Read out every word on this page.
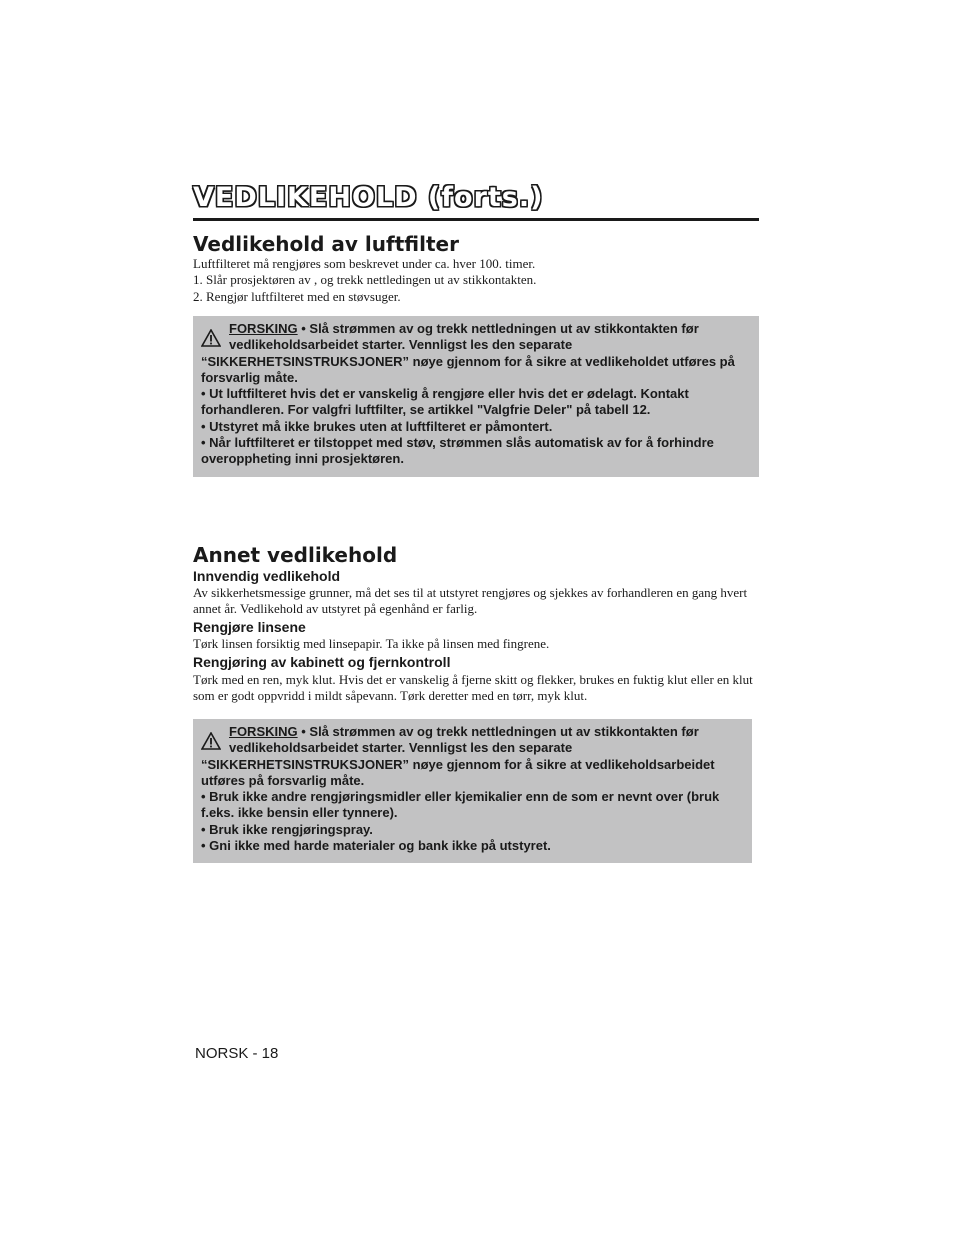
VEDLIKEHOLD (forts.)
Vedlikehold av luftfilter

Luftfilteret må rengjøres som beskrevet under ca. hver 100. timer.

1. Slår prosjektøren av , og trekk nettledingen ut av stikkontakten.

2. Rengjør luftfilteret med en støvsuger.

FORSKING • Slå strømmen av og trekk nettledningen ut av stikkontakten før vedlikeholdsarbeidet starter. Vennligst les den separate

“SIKKERHETSINSTRUKSJONER” nøye gjennom for å sikre at vedlikeholdet utføres på forsvarlig måte.

• Ut luftfilteret hvis det er vanskelig å rengjøre eller hvis det er ødelagt. Kontakt forhandleren. For valgfri luftfilter, se artikkel "Valgfrie Deler" på tabell 12.

• Utstyret må ikke brukes uten at luftfilteret er påmontert.

• Når luftfilteret er tilstoppet med støv, strømmen slås automatisk av for å forhindre overoppheting inni prosjektøren.

Annet vedlikehold
Innvendig vedlikehold
Av sikkerhetsmessige grunner, må det ses til at utstyret rengjøres og sjekkes av forhandleren en gang hvert annet år. Vedlikehold av utstyret på egenhånd er farlig.
Rengjøre linsene
Tørk linsen forsiktig med linsepapir. Ta ikke på linsen med fingrene.
Rengjøring av kabinett og fjernkontroll
Tørk med en ren, myk klut. Hvis det er vanskelig å fjerne skitt og flekker, brukes en fuktig klut eller en klut som er godt oppvridd i mildt såpevann. Tørk deretter med en tørr, myk klut.
FORSKING • Slå strømmen av og trekk nettledningen ut av stikkontakten før vedlikeholdsarbeidet starter. Vennligst les den separate

“SIKKERHETSINSTRUKSJONER” nøye gjennom for å sikre at vedlikeholdsarbeidet utføres på forsvarlig måte.

• Bruk ikke andre rengjøringsmidler eller kjemikalier enn de som er nevnt over (bruk f.eks. ikke bensin eller tynnere).

• Bruk ikke rengjøringspray.

• Gni ikke med harde materialer og bank ikke på utstyret.

NORSK - 18
